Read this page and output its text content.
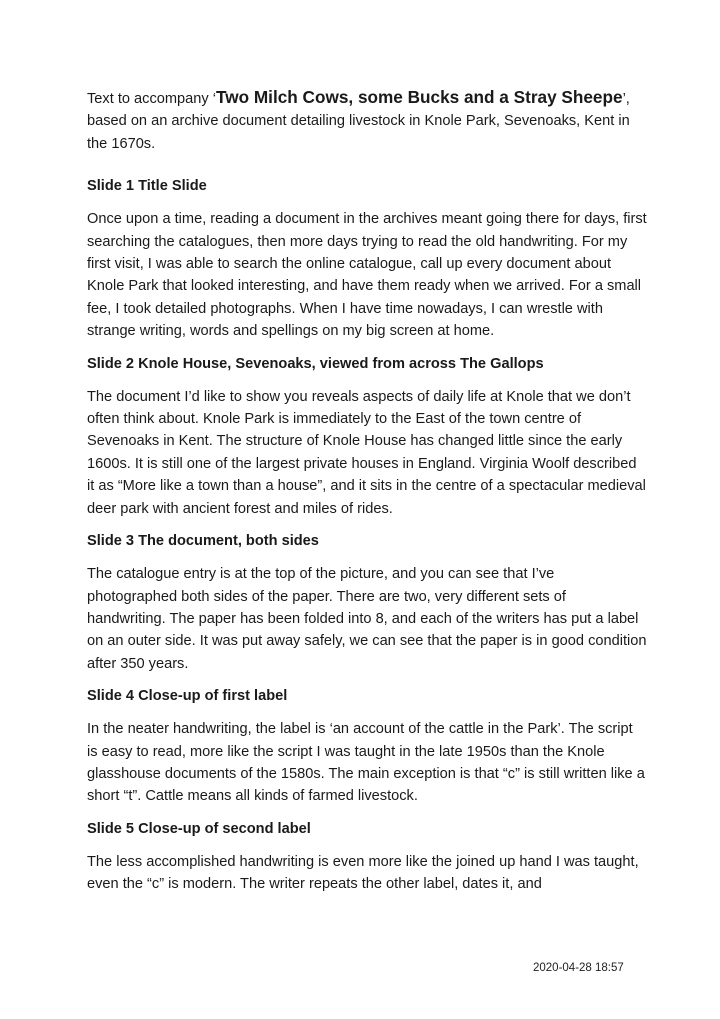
Text to accompany ‘Two Milch Cows, some Bucks and a Stray Sheepe’, based on an archive document detailing livestock in Knole Park, Sevenoaks, Kent in the 1670s.

Slide 1 Title Slide

Once upon a time, reading a document in the archives meant going there for days, first searching the catalogues, then more days trying to read the old handwriting. For my first visit, I was able to search the online catalogue, call up every document about Knole Park that looked interesting, and have them ready when we arrived. For a small fee, I took detailed photographs. When I have time nowadays, I can wrestle with strange writing, words and spellings on my big screen at home.

Slide 2 Knole House, Sevenoaks, viewed from across The Gallops

The document I’d like to show you reveals aspects of daily life at Knole that we don’t often think about. Knole Park is immediately to the East of the town centre of Sevenoaks in Kent. The structure of Knole House has changed little since the early 1600s. It is still one of the largest private houses in England. Virginia Woolf described it as “More like a town than a house”, and it sits in the centre of a spectacular medieval deer park with ancient forest and miles of rides.

Slide 3 The document, both sides

The catalogue entry is at the top of the picture, and you can see that I’ve photographed both sides of the paper. There are two, very different sets of handwriting. The paper has been folded into 8, and each of the writers has put a label on an outer side. It was put away safely, we can see that the paper is in good condition after 350 years.

Slide 4 Close-up of first label

In the neater handwriting, the label is ‘an account of the cattle in the Park’. The script is easy to read, more like the script I was taught in the late 1950s than the Knole glasshouse documents of the 1580s. The main exception is that “c” is still written like a short “t”. Cattle means all kinds of farmed livestock.

Slide 5 Close-up of second label

The less accomplished handwriting is even more like the joined up hand I was taught, even the “c” is modern. The writer repeats the other label, dates it, and

2020-04-28 18:57
